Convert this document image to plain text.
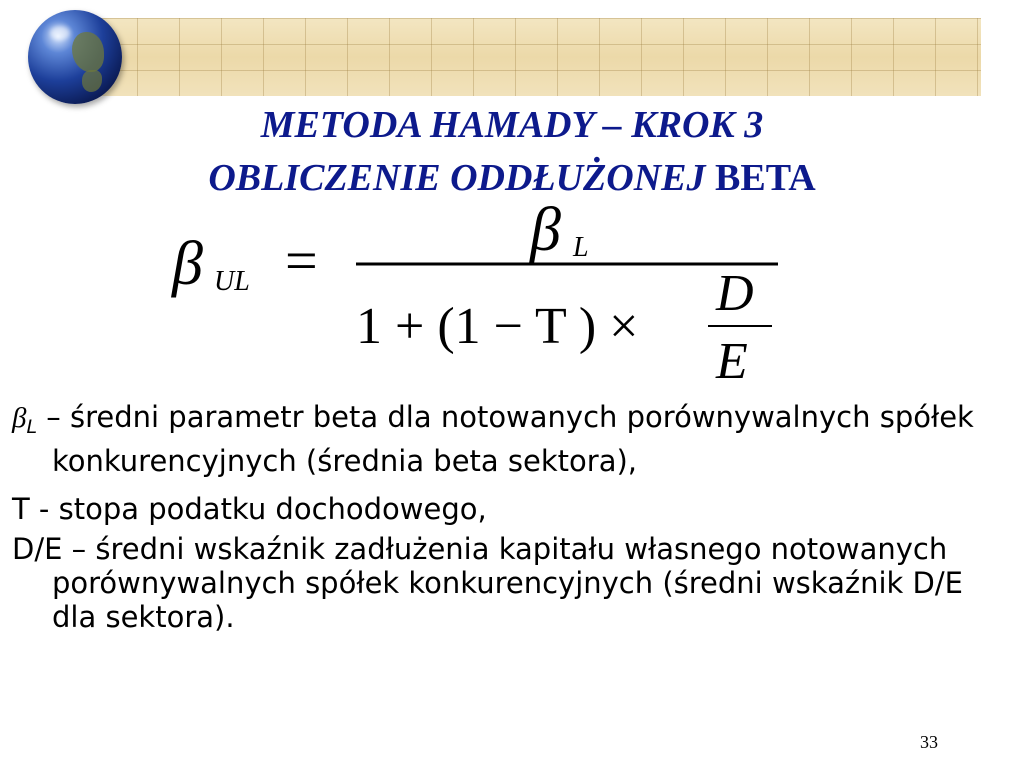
METODA HAMADY – KROK 3
OBLICZENIE ODDŁUŻONEJ BETA
β UL =	β L
1 + (1 − T ) ×
D
E

$\beta_L$ – średni parametr beta dla notowanych porównywalnych spółek konkurencyjnych (średnia beta sektora),

T - stopa podatku dochodowego,

D/E – średni wskaźnik zadłużenia kapitału własnego notowanych porównywalnych spółek konkurencyjnych (średni wskaźnik D/E dla sektora).

33
